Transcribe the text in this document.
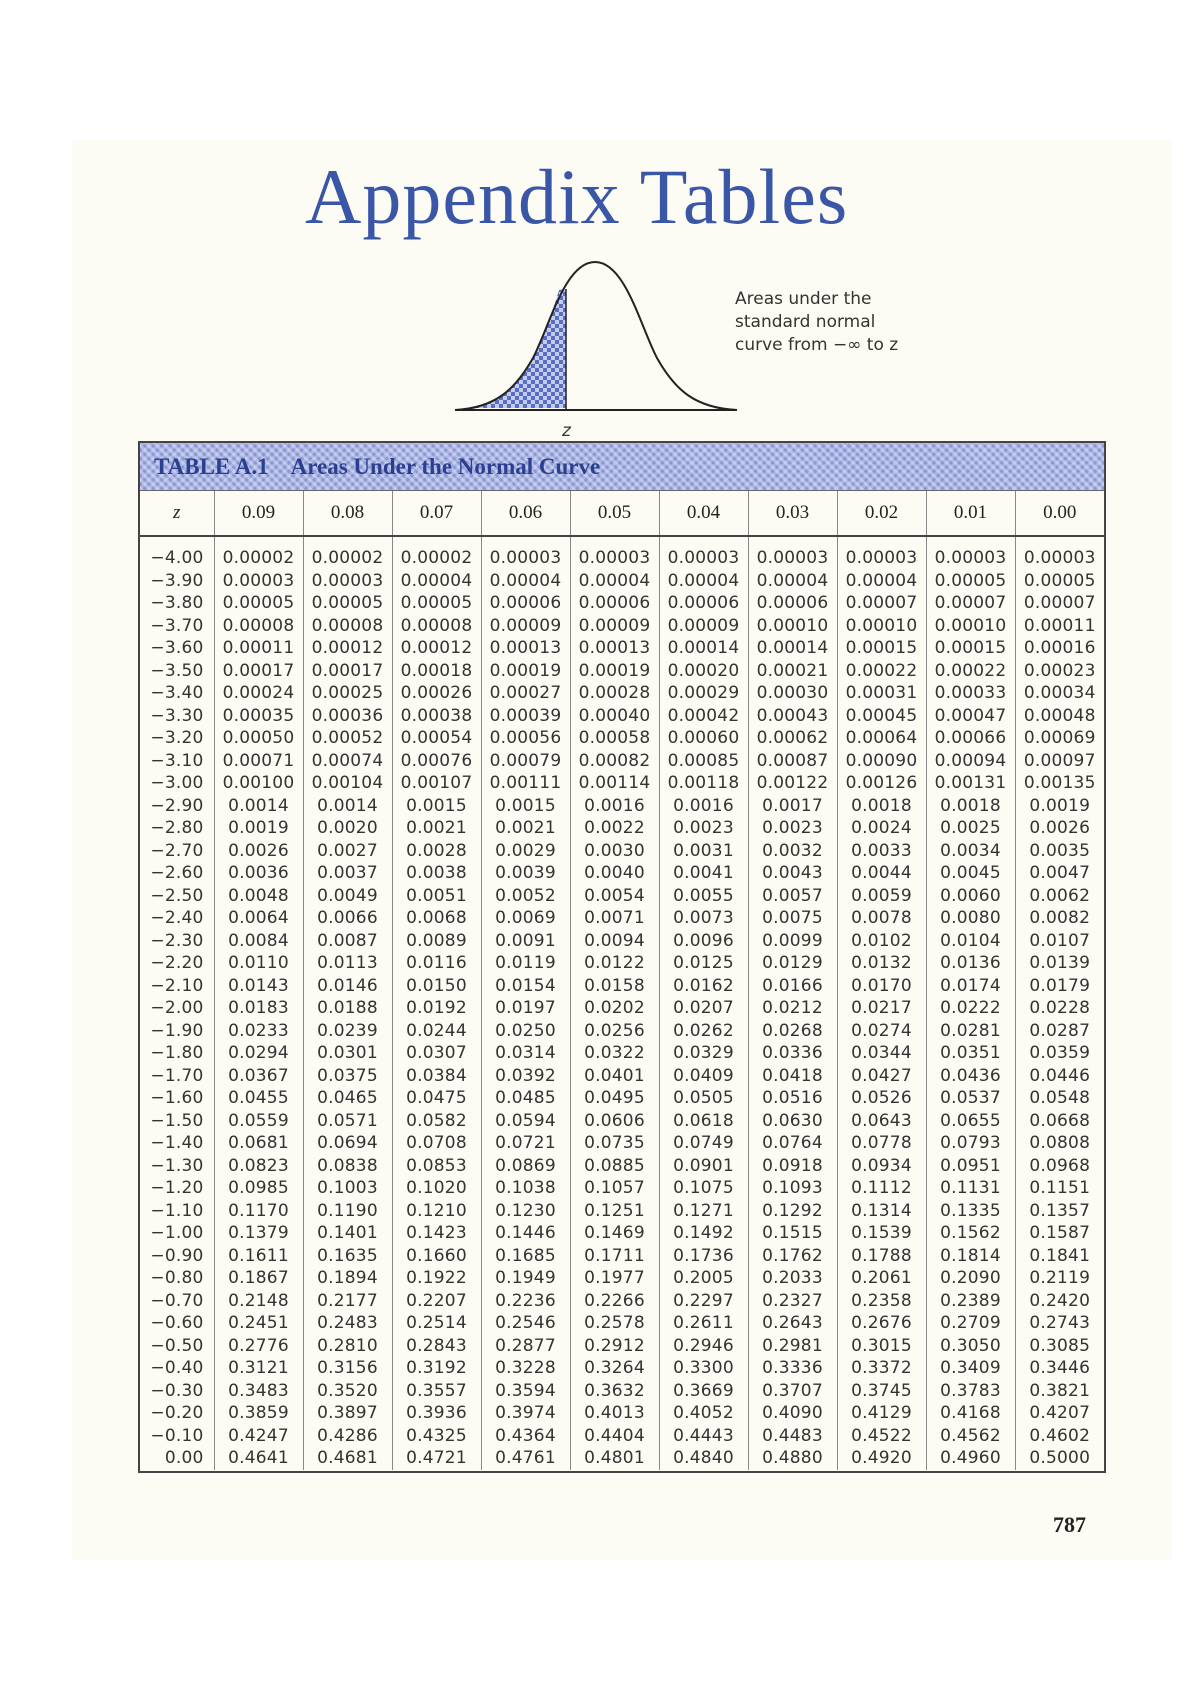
Appendix Tables
z
Areas under the
standard normal
curve from −∞ to z
TABLE A.1 Areas Under the Normal Curve
z	0.09	0.08	0.07	0.06	0.05	0.04	0.03	0.02	0.01	0.00
−4.00	0.00002	0.00002	0.00002	0.00003	0.00003	0.00003	0.00003	0.00003	0.00003	0.00003
−3.90	0.00003	0.00003	0.00004	0.00004	0.00004	0.00004	0.00004	0.00004	0.00005	0.00005
−3.80	0.00005	0.00005	0.00005	0.00006	0.00006	0.00006	0.00006	0.00007	0.00007	0.00007
−3.70	0.00008	0.00008	0.00008	0.00009	0.00009	0.00009	0.00010	0.00010	0.00010	0.00011
−3.60	0.00011	0.00012	0.00012	0.00013	0.00013	0.00014	0.00014	0.00015	0.00015	0.00016
−3.50	0.00017	0.00017	0.00018	0.00019	0.00019	0.00020	0.00021	0.00022	0.00022	0.00023
−3.40	0.00024	0.00025	0.00026	0.00027	0.00028	0.00029	0.00030	0.00031	0.00033	0.00034
−3.30	0.00035	0.00036	0.00038	0.00039	0.00040	0.00042	0.00043	0.00045	0.00047	0.00048
−3.20	0.00050	0.00052	0.00054	0.00056	0.00058	0.00060	0.00062	0.00064	0.00066	0.00069
−3.10	0.00071	0.00074	0.00076	0.00079	0.00082	0.00085	0.00087	0.00090	0.00094	0.00097
−3.00	0.00100	0.00104	0.00107	0.00111	0.00114	0.00118	0.00122	0.00126	0.00131	0.00135
−2.90	0.0014	0.0014	0.0015	0.0015	0.0016	0.0016	0.0017	0.0018	0.0018	0.0019
−2.80	0.0019	0.0020	0.0021	0.0021	0.0022	0.0023	0.0023	0.0024	0.0025	0.0026
−2.70	0.0026	0.0027	0.0028	0.0029	0.0030	0.0031	0.0032	0.0033	0.0034	0.0035
−2.60	0.0036	0.0037	0.0038	0.0039	0.0040	0.0041	0.0043	0.0044	0.0045	0.0047
−2.50	0.0048	0.0049	0.0051	0.0052	0.0054	0.0055	0.0057	0.0059	0.0060	0.0062
−2.40	0.0064	0.0066	0.0068	0.0069	0.0071	0.0073	0.0075	0.0078	0.0080	0.0082
−2.30	0.0084	0.0087	0.0089	0.0091	0.0094	0.0096	0.0099	0.0102	0.0104	0.0107
−2.20	0.0110	0.0113	0.0116	0.0119	0.0122	0.0125	0.0129	0.0132	0.0136	0.0139
−2.10	0.0143	0.0146	0.0150	0.0154	0.0158	0.0162	0.0166	0.0170	0.0174	0.0179
−2.00	0.0183	0.0188	0.0192	0.0197	0.0202	0.0207	0.0212	0.0217	0.0222	0.0228
−1.90	0.0233	0.0239	0.0244	0.0250	0.0256	0.0262	0.0268	0.0274	0.0281	0.0287
−1.80	0.0294	0.0301	0.0307	0.0314	0.0322	0.0329	0.0336	0.0344	0.0351	0.0359
−1.70	0.0367	0.0375	0.0384	0.0392	0.0401	0.0409	0.0418	0.0427	0.0436	0.0446
−1.60	0.0455	0.0465	0.0475	0.0485	0.0495	0.0505	0.0516	0.0526	0.0537	0.0548
−1.50	0.0559	0.0571	0.0582	0.0594	0.0606	0.0618	0.0630	0.0643	0.0655	0.0668
−1.40	0.0681	0.0694	0.0708	0.0721	0.0735	0.0749	0.0764	0.0778	0.0793	0.0808
−1.30	0.0823	0.0838	0.0853	0.0869	0.0885	0.0901	0.0918	0.0934	0.0951	0.0968
−1.20	0.0985	0.1003	0.1020	0.1038	0.1057	0.1075	0.1093	0.1112	0.1131	0.1151
−1.10	0.1170	0.1190	0.1210	0.1230	0.1251	0.1271	0.1292	0.1314	0.1335	0.1357
−1.00	0.1379	0.1401	0.1423	0.1446	0.1469	0.1492	0.1515	0.1539	0.1562	0.1587
−0.90	0.1611	0.1635	0.1660	0.1685	0.1711	0.1736	0.1762	0.1788	0.1814	0.1841
−0.80	0.1867	0.1894	0.1922	0.1949	0.1977	0.2005	0.2033	0.2061	0.2090	0.2119
−0.70	0.2148	0.2177	0.2207	0.2236	0.2266	0.2297	0.2327	0.2358	0.2389	0.2420
−0.60	0.2451	0.2483	0.2514	0.2546	0.2578	0.2611	0.2643	0.2676	0.2709	0.2743
−0.50	0.2776	0.2810	0.2843	0.2877	0.2912	0.2946	0.2981	0.3015	0.3050	0.3085
−0.40	0.3121	0.3156	0.3192	0.3228	0.3264	0.3300	0.3336	0.3372	0.3409	0.3446
−0.30	0.3483	0.3520	0.3557	0.3594	0.3632	0.3669	0.3707	0.3745	0.3783	0.3821
−0.20	0.3859	0.3897	0.3936	0.3974	0.4013	0.4052	0.4090	0.4129	0.4168	0.4207
−0.10	0.4247	0.4286	0.4325	0.4364	0.4404	0.4443	0.4483	0.4522	0.4562	0.4602
0.00	0.4641	0.4681	0.4721	0.4761	0.4801	0.4840	0.4880	0.4920	0.4960	0.5000
787
